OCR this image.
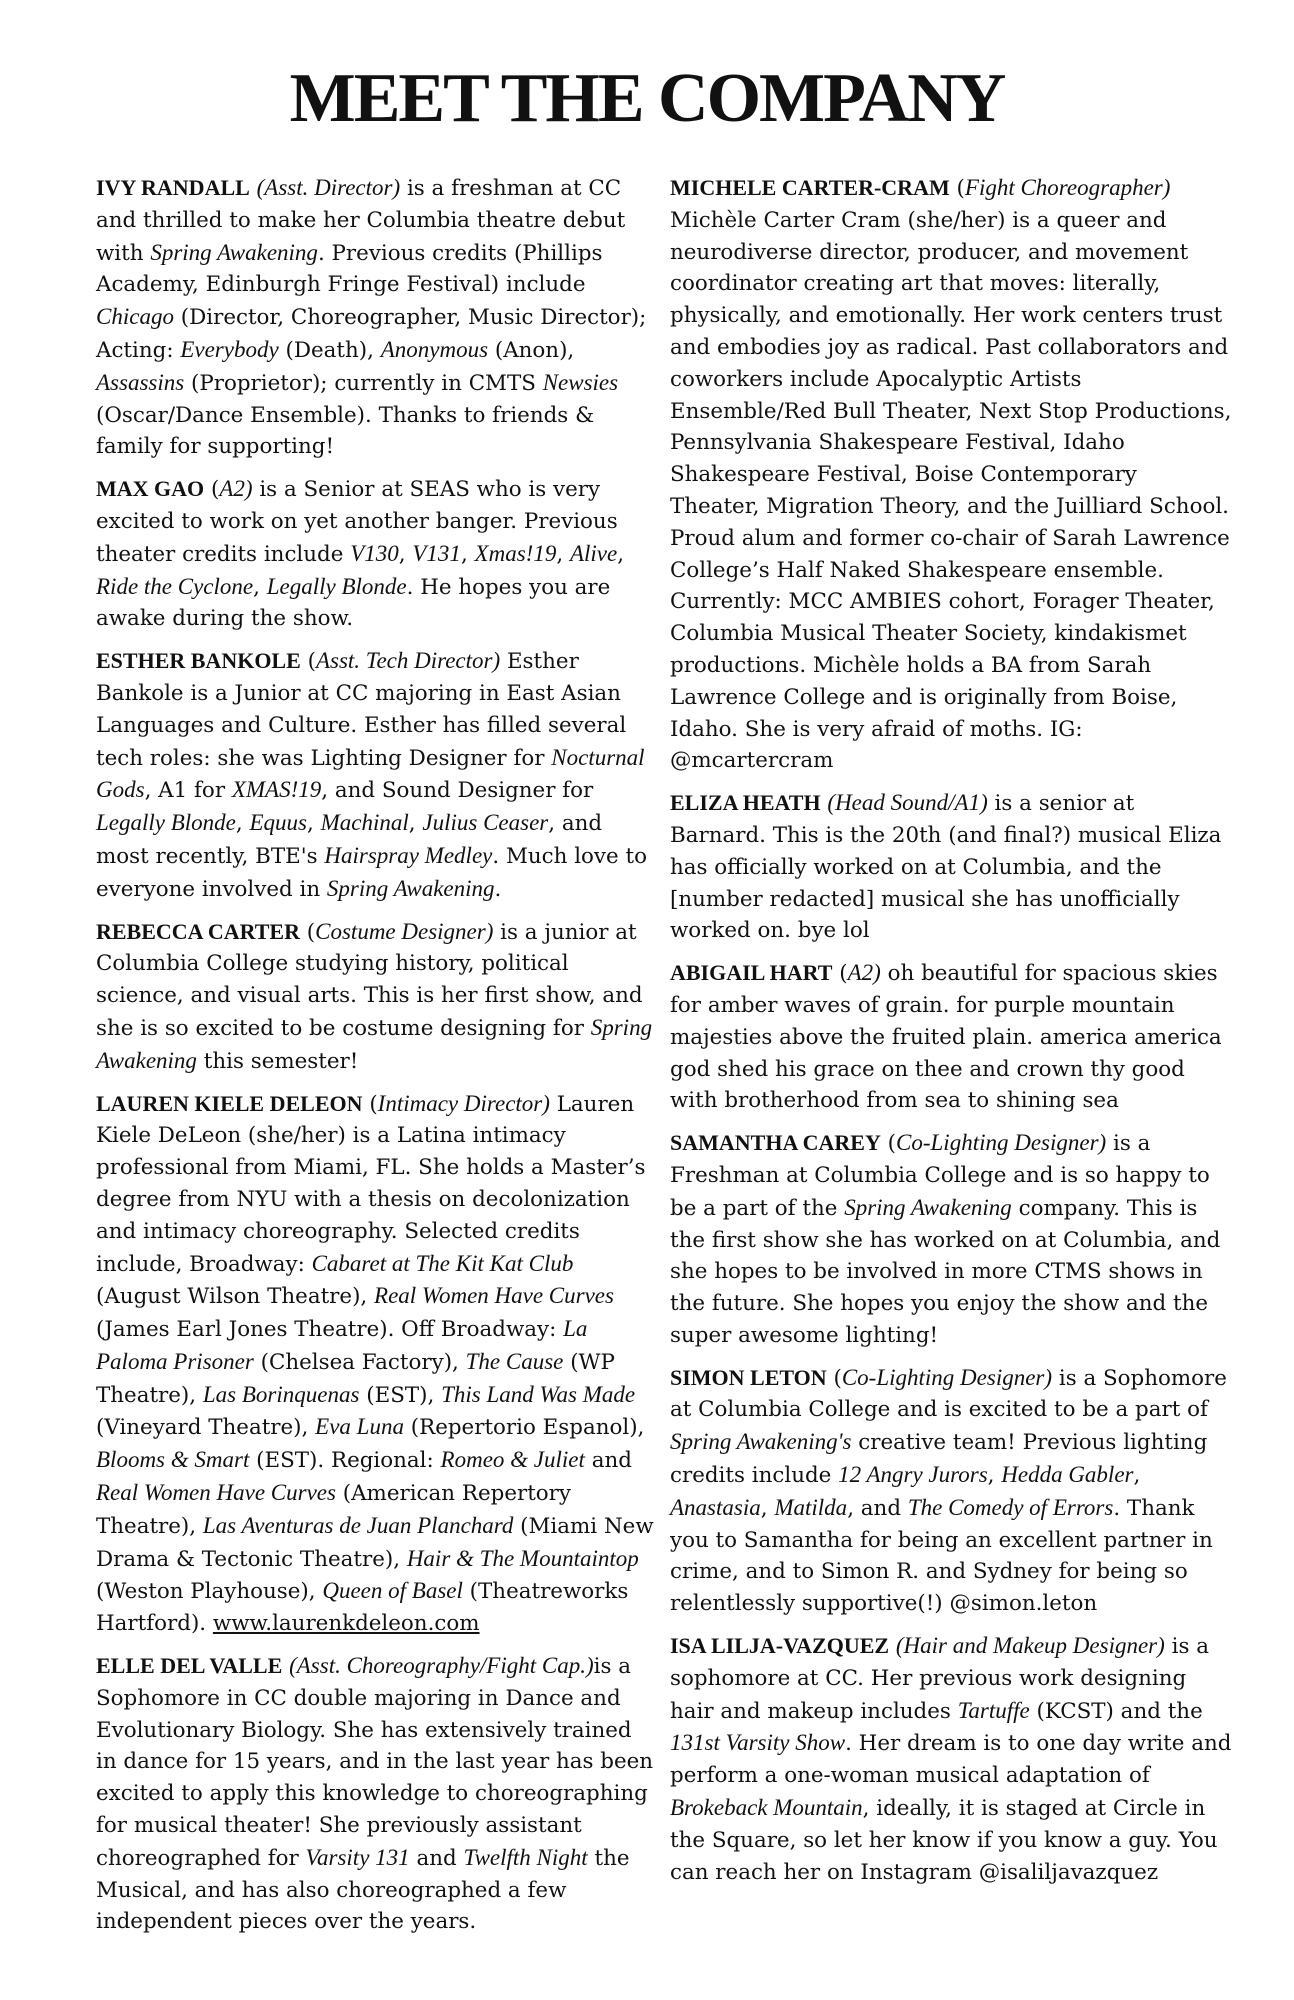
MEET THE COMPANY

IVY RANDALL (Asst. Director) is a freshman at CC and thrilled to make her Columbia theatre debut with Spring Awakening. Previous credits (Phillips Academy, Edinburgh Fringe Festival) include Chicago (Director, Choreographer, Music Director); Acting: Everybody (Death), Anonymous (Anon), Assassins (Proprietor); currently in CMTS Newsies (Oscar/Dance Ensemble). Thanks to friends & family for supporting!

MAX GAO (A2) is a Senior at SEAS who is very excited to work on yet another banger. Previous theater credits include V130, V131, Xmas!19, Alive, Ride the Cyclone, Legally Blonde. He hopes you are awake during the show.

ESTHER BANKOLE (Asst. Tech Director) Esther Bankole is a Junior at CC majoring in East Asian Languages and Culture. Esther has filled several tech roles: she was Lighting Designer for Nocturnal Gods, A1 for XMAS!19, and Sound Designer for Legally Blonde, Equus, Machinal, Julius Ceaser, and most recently, BTE's Hairspray Medley. Much love to everyone involved in Spring Awakening.

REBECCA CARTER (Costume Designer) is a junior at Columbia College studying history, political science, and visual arts. This is her first show, and she is so excited to be costume designing for Spring Awakening this semester!

LAUREN KIELE DELEON (Intimacy Director) Lauren Kiele DeLeon (she/her) is a Latina intimacy professional from Miami, FL. She holds a Master’s degree from NYU with a thesis on decolonization and intimacy choreography. Selected credits include, Broadway: Cabaret at The Kit Kat Club (August Wilson Theatre), Real Women Have Curves (James Earl Jones Theatre). Off Broadway: La Paloma Prisoner (Chelsea Factory), The Cause (WP Theatre), Las Borinquenas (EST), This Land Was Made (Vineyard Theatre), Eva Luna (Repertorio Espanol), Blooms & Smart (EST). Regional: Romeo & Juliet and Real Women Have Curves (American Repertory Theatre), Las Aventuras de Juan Planchard (Miami New Drama & Tectonic Theatre), Hair & The Mountaintop (Weston Playhouse), Queen of Basel (Theatreworks Hartford). www.laurenkdeleon.com

ELLE DEL VALLE (Asst. Choreography/Fight Cap.)is a Sophomore in CC double majoring in Dance and Evolutionary Biology. She has extensively trained in dance for 15 years, and in the last year has been excited to apply this knowledge to choreographing for musical theater! She previously assistant choreographed for Varsity 131 and Twelfth Night the Musical, and has also choreographed a few independent pieces over the years.

MICHELE CARTER-CRAM (Fight Choreographer) Michèle Carter Cram (she/her) is a queer and neurodiverse director, producer, and movement coordinator creating art that moves: literally, physically, and emotionally. Her work centers trust and embodies joy as radical. Past collaborators and coworkers include Apocalyptic Artists Ensemble/Red Bull Theater, Next Stop Productions, Pennsylvania Shakespeare Festival, Idaho Shakespeare Festival, Boise Contemporary Theater, Migration Theory, and the Juilliard School. Proud alum and former co-chair of Sarah Lawrence College’s Half Naked Shakespeare ensemble. Currently: MCC AMBIES cohort, Forager Theater, Columbia Musical Theater Society, kindakismet productions. Michèle holds a BA from Sarah Lawrence College and is originally from Boise, Idaho. She is very afraid of moths. IG: @mcartercram

ELIZA HEATH (Head Sound/A1) is a senior at Barnard. This is the 20th (and final?) musical Eliza has officially worked on at Columbia, and the [number redacted] musical she has unofficially worked on. bye lol

ABIGAIL HART (A2) oh beautiful for spacious skies for amber waves of grain. for purple mountain majesties above the fruited plain. america america god shed his grace on thee and crown thy good with brotherhood from sea to shining sea

SAMANTHA CAREY (Co-Lighting Designer) is a Freshman at Columbia College and is so happy to be a part of the Spring Awakening company. This is the first show she has worked on at Columbia, and she hopes to be involved in more CTMS shows in the future. She hopes you enjoy the show and the super awesome lighting!

SIMON LETON (Co-Lighting Designer) is a Sophomore at Columbia College and is excited to be a part of Spring Awakening's creative team! Previous lighting credits include 12 Angry Jurors, Hedda Gabler, Anastasia, Matilda, and The Comedy of Errors. Thank you to Samantha for being an excellent partner in crime, and to Simon R. and Sydney for being so relentlessly supportive(!) @simon.leton

ISA LILJA-VAZQUEZ (Hair and Makeup Designer) is a sophomore at CC. Her previous work designing hair and makeup includes Tartuffe (KCST) and the 131st Varsity Show. Her dream is to one day write and perform a one-woman musical adaptation of Brokeback Mountain, ideally, it is staged at Circle in the Square, so let her know if you know a guy. You can reach her on Instagram @isaliljavazquez
